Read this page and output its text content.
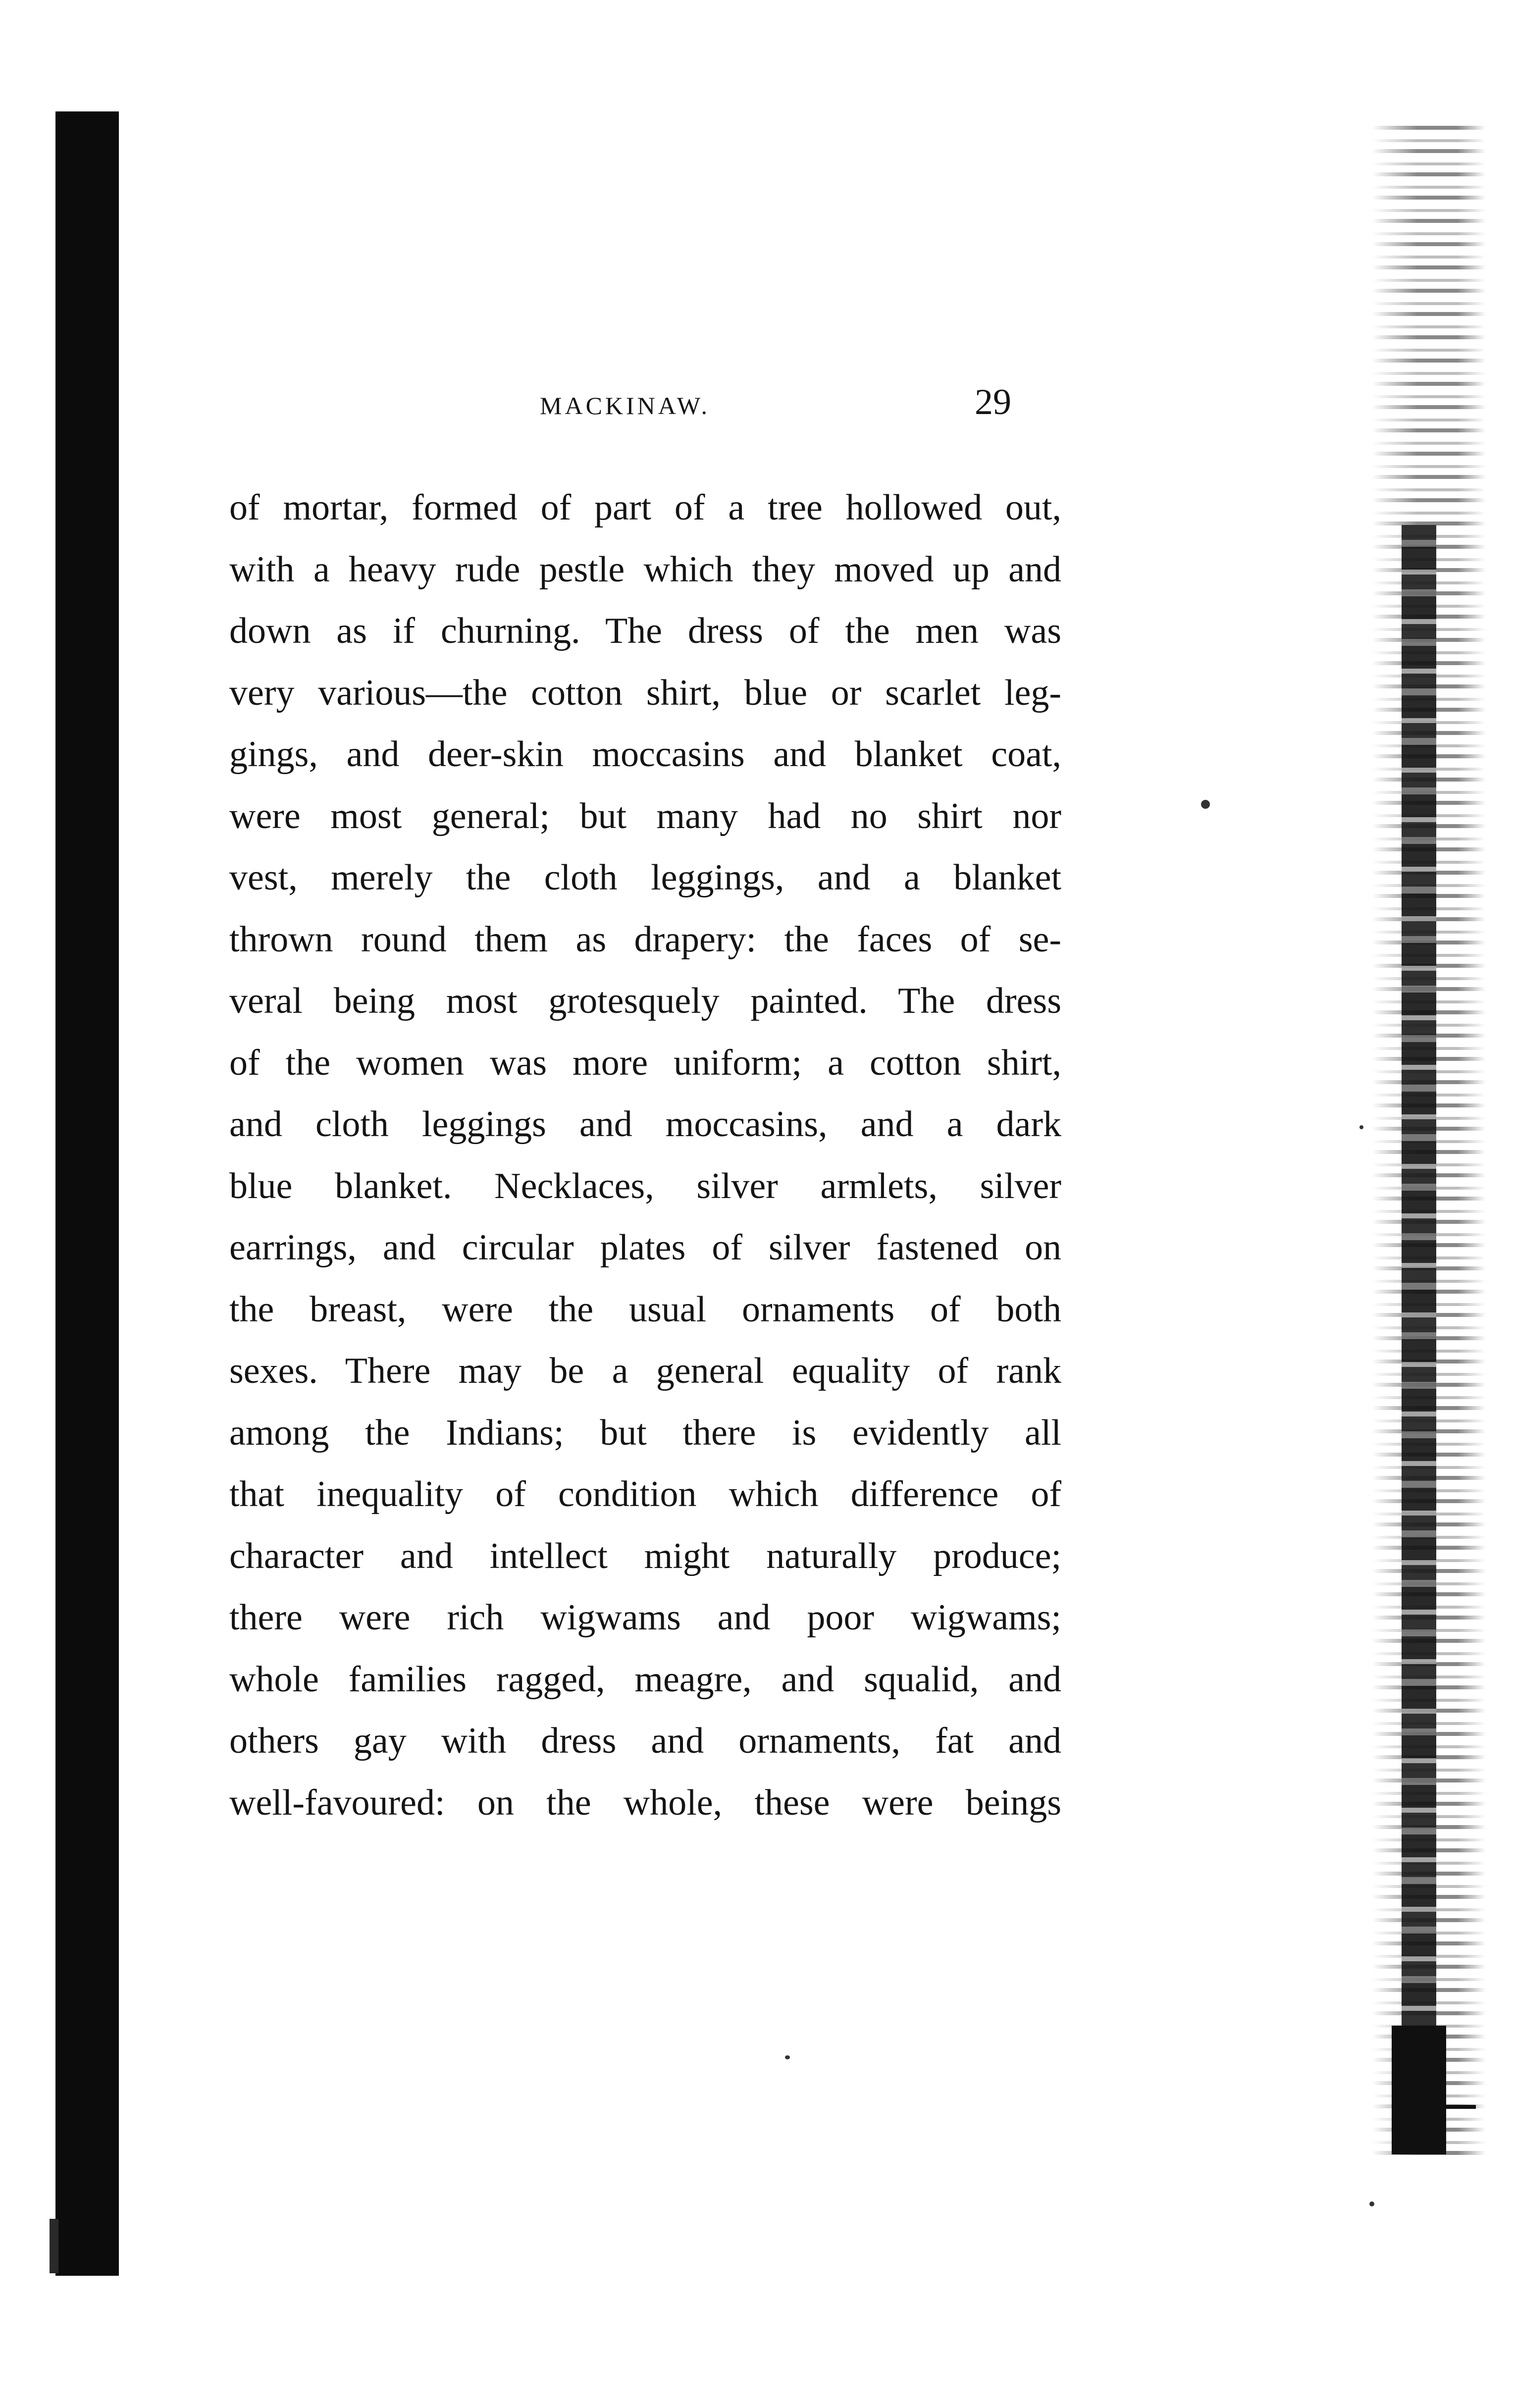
MACKINAW.	29
of mortar, formed of part of a tree hollowed out,
with a heavy rude pestle which they moved up and
down as if churning. The dress of the men was
very various—the cotton shirt, blue or scarlet leg-
gings, and deer-skin moccasins and blanket coat,
were most general; but many had no shirt nor
vest, merely the cloth leggings, and a blanket
thrown round them as drapery: the faces of se-
veral being most grotesquely painted. The dress
of the women was more uniform; a cotton shirt,
and cloth leggings and moccasins, and a dark
blue blanket. Necklaces, silver armlets, silver
earrings, and circular plates of silver fastened on
the breast, were the usual ornaments of both
sexes. There may be a general equality of rank
among the Indians; but there is evidently all
that inequality of condition which difference of
character and intellect might naturally produce;
there were rich wigwams and poor wigwams;
whole families ragged, meagre, and squalid, and
others gay with dress and ornaments, fat and
well-favoured: on the whole, these were beings
